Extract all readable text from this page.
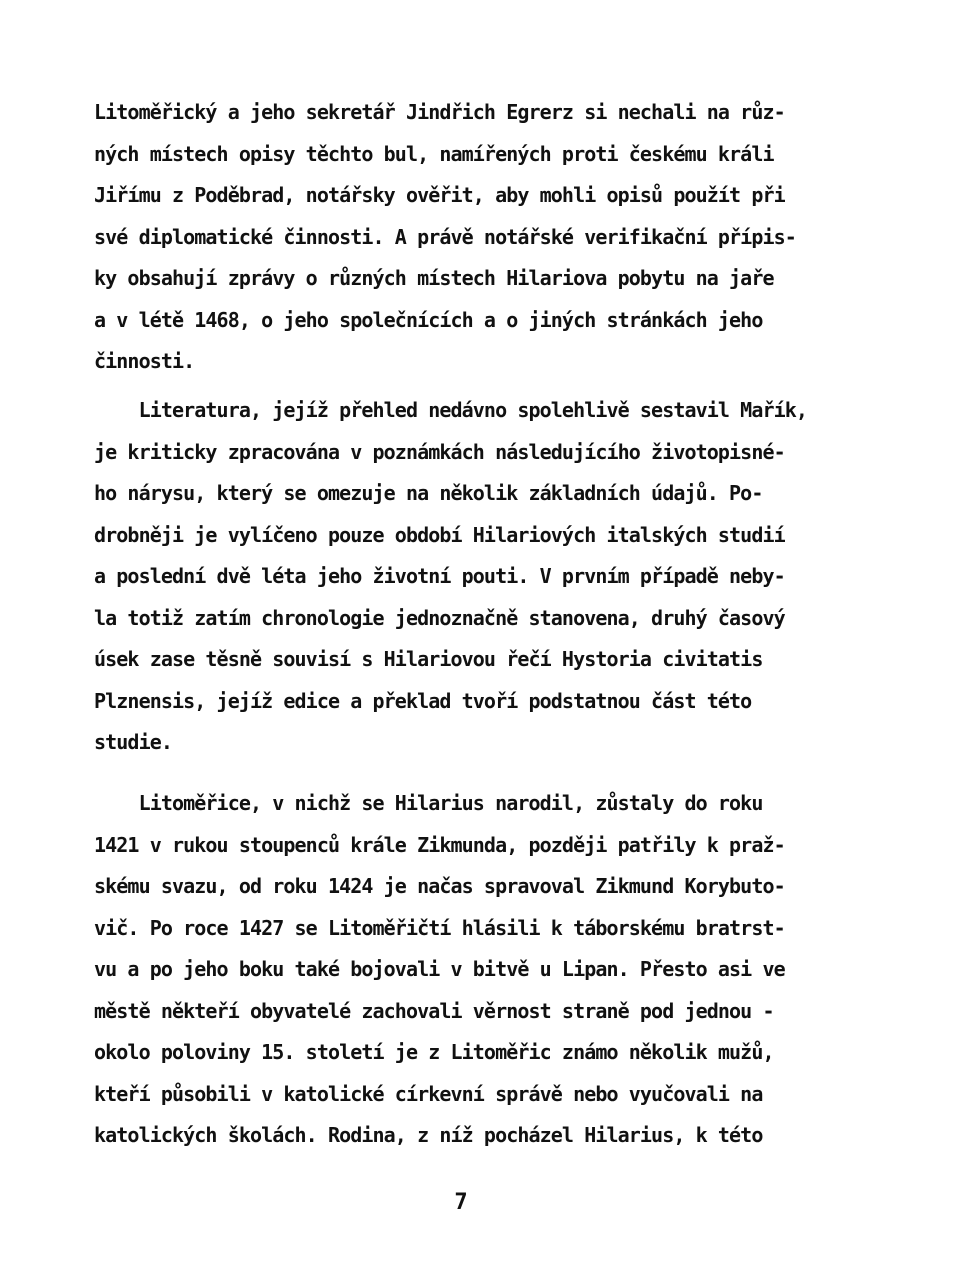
Litoměřický a jeho sekretář Jindřich Egrerz si nechali na růz-
ných místech opisy těchto bul, namířených proti českému králi
Jiřímu z Poděbrad, notářsky ověřit, aby mohli opisů použít při
své diplomatické činnosti. A právě notářské verifikační přípis-
ky obsahují zprávy o různých místech Hilariova pobytu na jaře
a v létě 1468, o jeho společnících a o jiných stránkách jeho
činnosti.
Literatura, jejíž přehled nedávno spolehlivě sestavil Mařík,
je kriticky zpracována v poznámkách následujícího životopisné-
ho nárysu, který se omezuje na několik základních údajů. Po-
drobněji je vylíčeno pouze období Hilariových italských studií
a poslední dvě léta jeho životní pouti. V prvním případě neby-
la totiž zatím chronologie jednoznačně stanovena, druhý časový
úsek zase těsně souvisí s Hilariovou řečí Hystoria civitatis
Plznensis, jejíž edice a překlad tvoří podstatnou část této
studie.
Litoměřice, v nichž se Hilarius narodil, zůstaly do roku
1421 v rukou stoupenců krále Zikmunda, později patřily k praž-
skému svazu, od roku 1424 je načas spravoval Zikmund Korybuto-
vič. Po roce 1427 se Litoměřičtí hlásili k táborskému bratrst-
vu a po jeho boku také bojovali v bitvě u Lipan. Přesto asi ve
městě někteří obyvatelé zachovali věrnost straně pod jednou -
okolo poloviny 15. století je z Litoměřic známo několik mužů,
kteří působili v katolické církevní správě nebo vyučovali na
katolických školách. Rodina, z níž pocházel Hilarius, k této
7
